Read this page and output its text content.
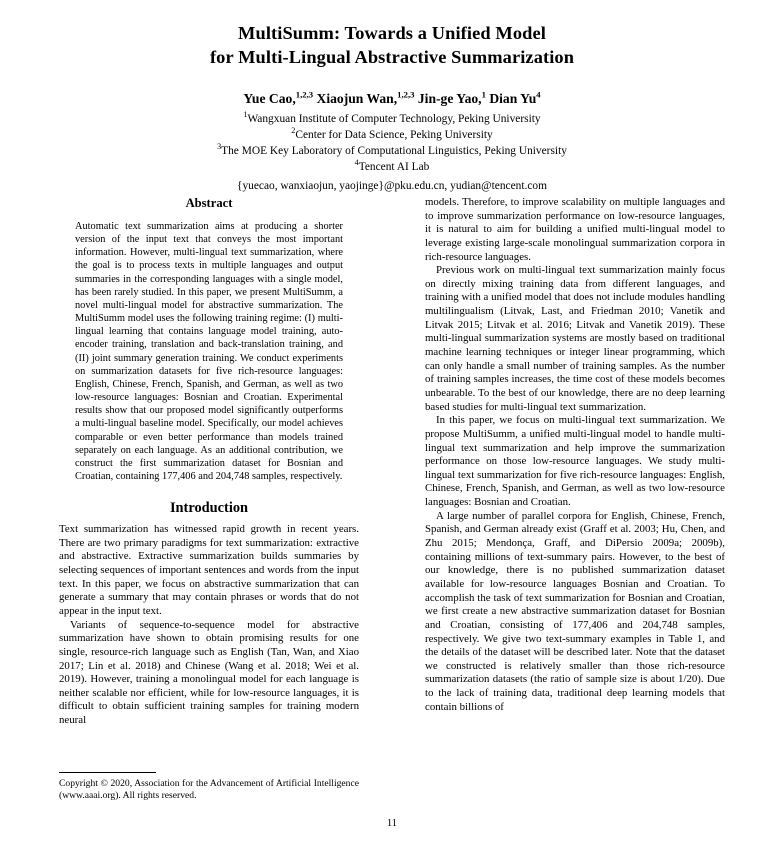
MultiSumm: Towards a Unified Model
for Multi-Lingual Abstractive Summarization
Yue Cao,$^{1,2,3}$ Xiaojun Wan,$^{1,2,3}$ Jin-ge Yao,$^1$ Dian Yu$^4$
$^1$Wangxuan Institute of Computer Technology, Peking University
$^2$Center for Data Science, Peking University
$^3$The MOE Key Laboratory of Computational Linguistics, Peking University
$^4$Tencent AI Lab
{yuecao, wanxiaojun, yaojinge}@pku.edu.cn, yudian@tencent.com
Abstract
Automatic text summarization aims at producing a shorter version of the input text that conveys the most important information. However, multi-lingual text summarization, where the goal is to process texts in multiple languages and output summaries in the corresponding languages with a single model, has been rarely studied. In this paper, we present MultiSumm, a novel multi-lingual model for abstractive summarization. The MultiSumm model uses the following training regime: (I) multi-lingual learning that contains language model training, auto-encoder training, translation and back-translation training, and (II) joint summary generation training. We conduct experiments on summarization datasets for five rich-resource languages: English, Chinese, French, Spanish, and German, as well as two low-resource languages: Bosnian and Croatian. Experimental results show that our proposed model significantly outperforms a multi-lingual baseline model. Specifically, our model achieves comparable or even better performance than models trained separately on each language. As an additional contribution, we construct the first summarization dataset for Bosnian and Croatian, containing 177,406 and 204,748 samples, respectively.
Introduction

Text summarization has witnessed rapid growth in recent years. There are two primary paradigms for text summarization: extractive and abstractive. Extractive summarization builds summaries by selecting sequences of important sentences and words from the input text. In this paper, we focus on abstractive summarization that can generate a summary that may contain phrases or words that do not appear in the input text.

Variants of sequence-to-sequence model for abstractive summarization have shown to obtain promising results for one single, resource-rich language such as English (Tan, Wan, and Xiao 2017; Lin et al. 2018) and Chinese (Wang et al. 2018; Wei et al. 2019). However, training a monolingual model for each language is neither scalable nor efficient, while for low-resource languages, it is difficult to obtain sufficient training samples for training modern neural

models. Therefore, to improve scalability on multiple languages and to improve summarization performance on low-resource languages, it is natural to aim for building a unified multi-lingual model to leverage existing large-scale monolingual summarization corpora in rich-resource languages.

Previous work on multi-lingual text summarization mainly focus on directly mixing training data from different languages, and training with a unified model that does not include modules handling multilingualism (Litvak, Last, and Friedman 2010; Vanetik and Litvak 2015; Litvak et al. 2016; Litvak and Vanetik 2019). These multi-lingual summarization systems are mostly based on traditional machine learning techniques or integer linear programming, which can only handle a small number of training samples. As the number of training samples increases, the time cost of these models becomes unbearable. To the best of our knowledge, there are no deep learning based studies for multi-lingual text summarization.

In this paper, we focus on multi-lingual text summarization. We propose MultiSumm, a unified multi-lingual model to handle multi-lingual text summarization and help improve the summarization performance on those low-resource languages. We study multi-lingual text summarization for five rich-resource languages: English, Chinese, French, Spanish, and German, as well as two low-resource languages: Bosnian and Croatian.

A large number of parallel corpora for English, Chinese, French, Spanish, and German already exist (Graff et al. 2003; Hu, Chen, and Zhu 2015; Mendonça, Graff, and DiPersio 2009a; 2009b), containing millions of text-summary pairs. However, to the best of our knowledge, there is no published summarization dataset available for low-resource languages Bosnian and Croatian. To accomplish the task of text summarization for Bosnian and Croatian, we first create a new abstractive summarization dataset for Bosnian and Croatian, consisting of 177,406 and 204,748 samples, respectively. We give two text-summary examples in Table 1, and the details of the dataset will be described later. Note that the dataset we constructed is relatively smaller than those rich-resource summarization datasets (the ratio of sample size is about 1/20). Due to the lack of training data, traditional deep learning models that contain billions of

Copyright © 2020, Association for the Advancement of Artificial Intelligence (www.aaai.org). All rights reserved.

11
